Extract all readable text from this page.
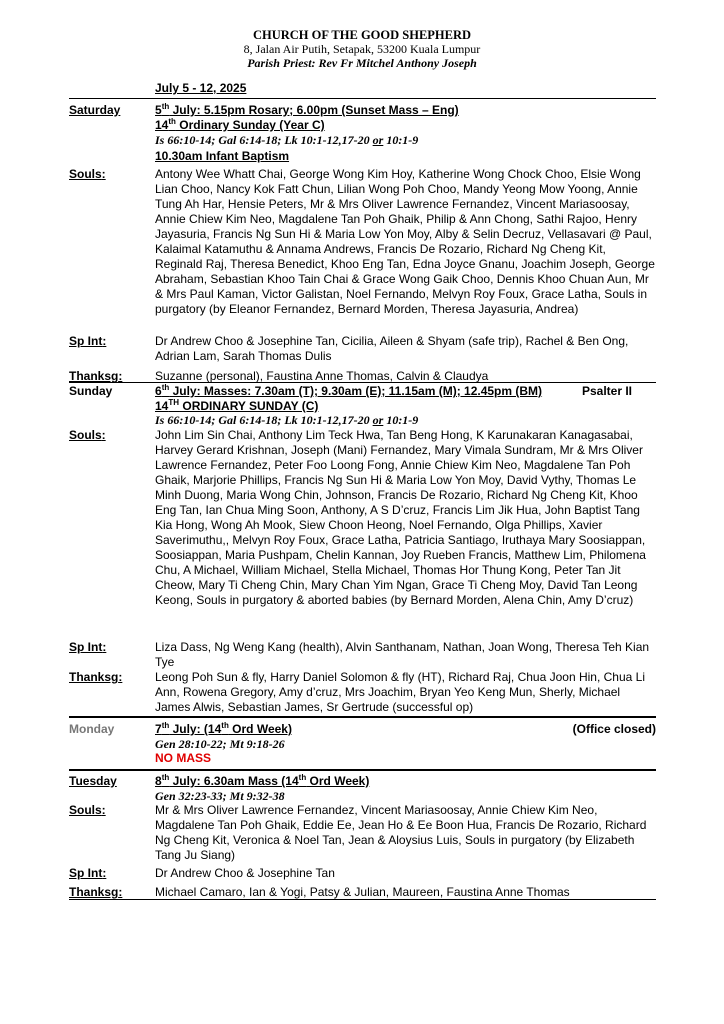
CHURCH OF THE GOOD SHEPHERD
8, Jalan Air Putih, Setapak, 53200 Kuala Lumpur
Parish Priest: Rev Fr Mitchel Anthony Joseph
July 5 - 12, 2025
Saturday	5th July: 5.15pm Rosary; 6.00pm (Sunset Mass – Eng)
14th Ordinary Sunday (Year C)
Is 66:10-14; Gal 6:14-18; Lk 10:1-12,17-20 or 10:1-9
10.30am Infant Baptism
Souls:	Antony Wee Whatt Chai, George Wong Kim Hoy, Katherine Wong Chock Choo, Elsie Wong Lian Choo, Nancy Kok Fatt Chun, Lilian Wong Poh Choo, Mandy Yeong Mow Yoong, Annie Tung Ah Har, Hensie Peters, Mr & Mrs Oliver Lawrence Fernandez, Vincent Mariasoosay, Annie Chiew Kim Neo, Magdalene Tan Poh Ghaik, Philip & Ann Chong, Sathi Rajoo, Henry Jayasuria, Francis Ng Sun Hi & Maria Low Yon Moy, Alby & Selin Decruz, Vellasavari @ Paul, Kalaimal Katamuthu & Annama Andrews, Francis De Rozario, Richard Ng Cheng Kit, Reginald Raj, Theresa Benedict, Khoo Eng Tan, Edna Joyce Gnanu, Joachim Joseph, George Abraham, Sebastian Khoo Tain Chai & Grace Wong Gaik Choo, Dennis Khoo Chuan Aun, Mr & Mrs Paul Kaman, Victor Galistan, Noel Fernando, Melvyn Roy Foux, Grace Latha, Souls in purgatory (by Eleanor Fernandez, Bernard Morden, Theresa Jayasuria, Andrea)
Sp Int:	Dr Andrew Choo & Josephine Tan, Cicilia, Aileen & Shyam (safe trip), Rachel & Ben Ong, Adrian Lam, Sarah Thomas Dulis
Thanksg:	Suzanne (personal), Faustina Anne Thomas, Calvin & Claudya
Sunday	6th July: Masses: 7.30am (T); 9.30am (E); 11.15am (M); 12.45pm (BM)	Psalter II
14TH ORDINARY SUNDAY (C)
Is 66:10-14; Gal 6:14-18; Lk 10:1-12,17-20 or 10:1-9
Souls:	John Lim Sin Chai, Anthony Lim Teck Hwa, Tan Beng Hong, K Karunakaran Kanagasabai, Harvey Gerard Krishnan, Joseph (Mani) Fernandez, Mary Vimala Sundram, Mr & Mrs Oliver Lawrence Fernandez, Peter Foo Loong Fong, Annie Chiew Kim Neo, Magdalene Tan Poh Ghaik, Marjorie Phillips, Francis Ng Sun Hi & Maria Low Yon Moy, David Vythy, Thomas Le Minh Duong, Maria Wong Chin, Johnson, Francis De Rozario, Richard Ng Cheng Kit, Khoo Eng Tan, Ian Chua Ming Soon, Anthony, A S D’cruz, Francis Lim Jik Hua, John Baptist Tang Kia Hong, Wong Ah Mook, Siew Choon Heong, Noel Fernando, Olga Phillips, Xavier Saverimuthu,, Melvyn Roy Foux, Grace Latha, Patricia Santiago, Iruthaya Mary Soosiappan, Soosiappan, Maria Pushpam, Chelin Kannan, Joy Rueben Francis, Matthew Lim, Philomena Chu, A Michael, William Michael, Stella Michael, Thomas Hor Thung Kong, Peter Tan Jit Cheow, Mary Ti Cheng Chin, Mary Chan Yim Ngan, Grace Ti Cheng Moy, David Tan Leong Keong, Souls in purgatory & aborted babies (by Bernard Morden, Alena Chin, Amy D’cruz)
Sp Int:	Liza Dass, Ng Weng Kang (health), Alvin Santhanam, Nathan, Joan Wong, Theresa Teh Kian Tye
Thanksg:	Leong Poh Sun & fly, Harry Daniel Solomon & fly (HT), Richard Raj, Chua Joon Hin, Chua Li Ann, Rowena Gregory, Amy d’cruz, Mrs Joachim, Bryan Yeo Keng Mun, Sherly, Michael James Alwis, Sebastian James, Sr Gertrude (successful op)
Monday	7th July: (14th Ord Week)	(Office closed)
Gen 28:10-22; Mt 9:18-26
NO MASS
Tuesday	8th July: 6.30am Mass (14th Ord Week)
Gen 32:23-33; Mt 9:32-38
Souls:	Mr & Mrs Oliver Lawrence Fernandez, Vincent Mariasoosay, Annie Chiew Kim Neo, Magdalene Tan Poh Ghaik, Eddie Ee, Jean Ho & Ee Boon Hua, Francis De Rozario, Richard Ng Cheng Kit, Veronica & Noel Tan, Jean & Aloysius Luis, Souls in purgatory (by Elizabeth Tang Ju Siang)
Sp Int:	Dr Andrew Choo & Josephine Tan
Thanksg:	Michael Camaro, Ian & Yogi, Patsy & Julian, Maureen, Faustina Anne Thomas
